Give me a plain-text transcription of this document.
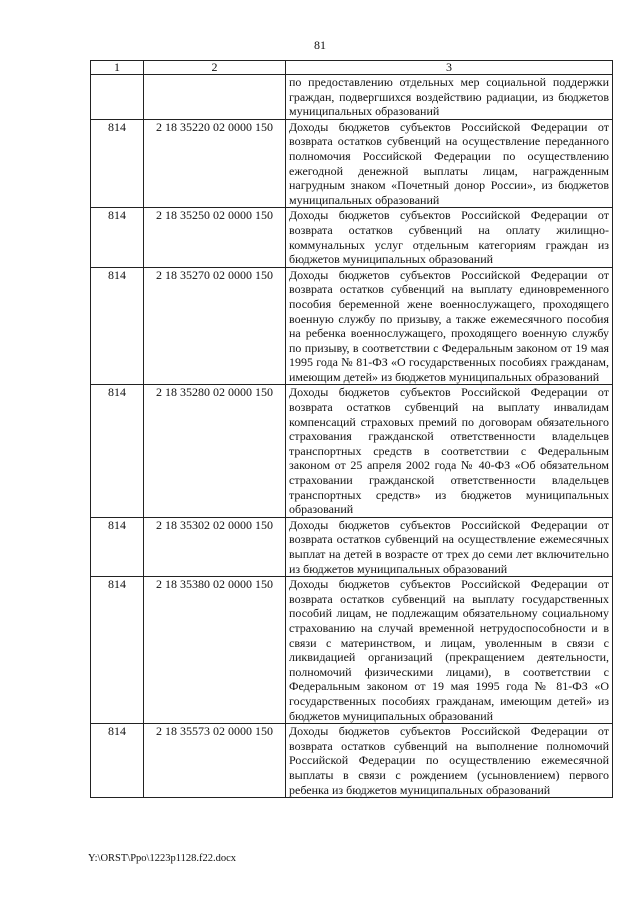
81
1	2	3
		по предоставлению отдельных мер социальной поддержки граждан, подвергшихся воздействию радиации, из бюджетов муниципальных образований
814	2 18 35220 02 0000 150	Доходы бюджетов субъектов Российской Федерации от возврата остатков субвенций на осуществление переданного полномочия Российской Федерации по осуществлению ежегодной денежной выплаты лицам, награжденным нагрудным знаком «Почетный донор России», из бюджетов муниципальных образований
814	2 18 35250 02 0000 150	Доходы бюджетов субъектов Российской Федерации от возврата остатков субвенций на оплату жилищно-коммунальных услуг отдельным категориям граждан из бюджетов муниципальных образований
814	2 18 35270 02 0000 150	Доходы бюджетов субъектов Российской Федерации от возврата остатков субвенций на выплату единовременного пособия беременной жене военнослужащего, проходящего военную службу по призыву, а также ежемесячного пособия на ребенка военнослужащего, проходящего военную службу по призыву, в соответствии с Федеральным законом от 19 мая 1995 года № 81-ФЗ «О государственных пособиях гражданам, имеющим детей» из бюджетов муниципальных образований
814	2 18 35280 02 0000 150	Доходы бюджетов субъектов Российской Федерации от возврата остатков субвенций на выплату инвалидам компенсаций страховых премий по договорам обязательного страхования гражданской ответственности владельцев транспортных средств в соответствии с Федеральным законом от 25 апреля 2002 года № 40-ФЗ «Об обязательном страховании гражданской ответственности владельцев транспортных средств» из бюджетов муниципальных образований
814	2 18 35302 02 0000 150	Доходы бюджетов субъектов Российской Федерации от возврата остатков субвенций на осуществление ежемесячных выплат на детей в возрасте от трех до семи лет включительно из бюджетов муниципальных образований
814	2 18 35380 02 0000 150	Доходы бюджетов субъектов Российской Федерации от возврата остатков субвенций на выплату государственных пособий лицам, не подлежащим обязательному социальному страхованию на случай временной нетрудоспособности и в связи с материнством, и лицам, уволенным в связи с ликвидацией организаций (прекращением деятельности, полномочий физическими лицами), в соответствии с Федеральным законом от 19 мая 1995 года № 81-ФЗ «О государственных пособиях гражданам, имеющим детей» из бюджетов муниципальных образований
814	2 18 35573 02 0000 150	Доходы бюджетов субъектов Российской Федерации от возврата остатков субвенций на выполнение полномочий Российской Федерации по осуществлению ежемесячной выплаты в связи с рождением (усыновлением) первого ребенка из бюджетов муниципальных образований
Y:\ORST\Ppo\1223p1128.f22.docx
